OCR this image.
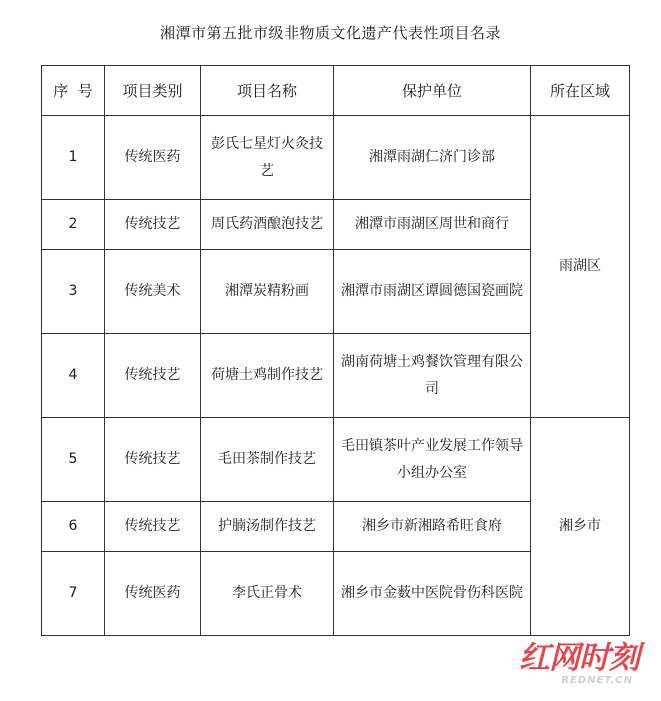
湘潭市第五批市级非物质文化遗产代表性项目名录
序  号	项目类别	项目名称	保护单位	所在区域
1	传统医药	彭氏七星灯火灸技艺	湘潭雨湖仁济门诊部	雨湖区
2	传统技艺	周氏药酒酿泡技艺	湘潭市雨湖区周世和商行	
3	传统美术	湘潭炭精粉画	湘潭市雨湖区谭圆德国瓷画院	
4	传统技艺	荷塘土鸡制作技艺	湖南荷塘土鸡餐饮管理有限公司	
5	传统技艺	毛田茶制作技艺	毛田镇茶叶产业发展工作领导小组办公室	湘乡市
6	传统技艺	护腩汤制作技艺	湘乡市新湘路希旺食府	
7	传统医药	李氏正骨术	湘乡市金薮中医院骨伤科医院	
红网时刻
REDNET.CN
